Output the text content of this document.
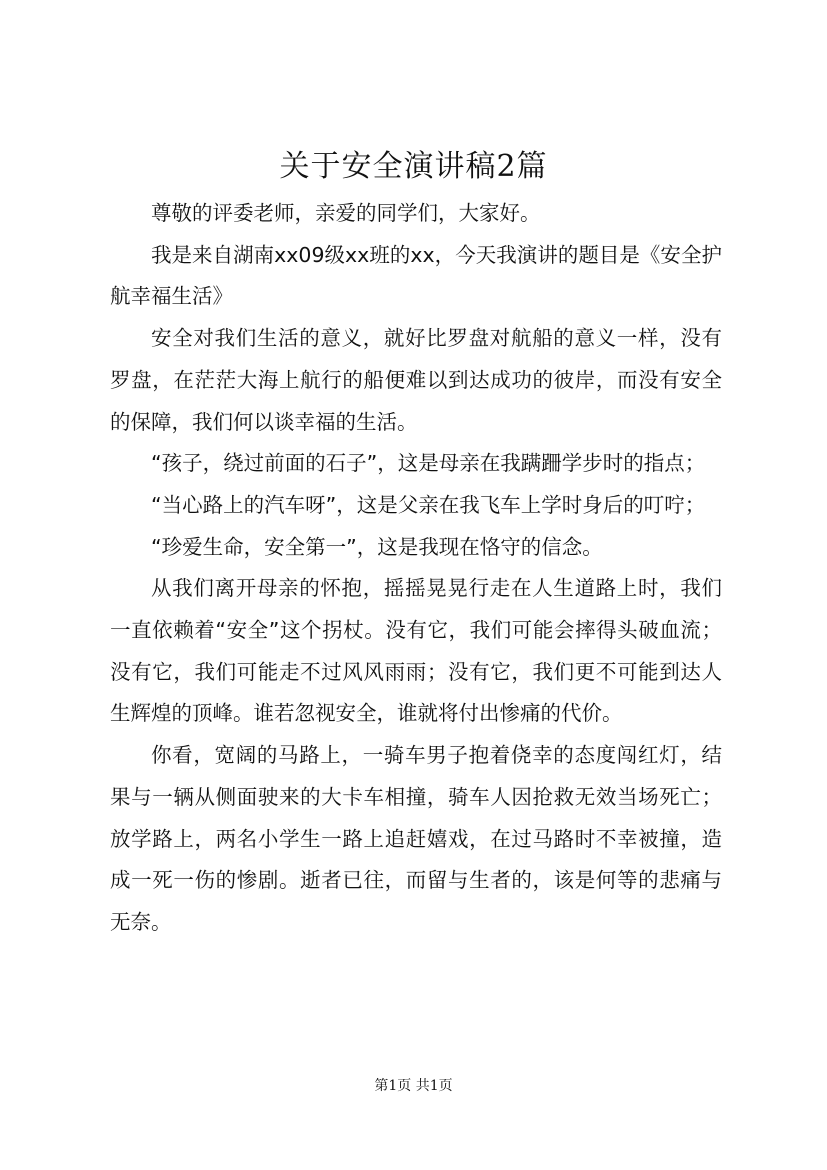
关于安全演讲稿2篇

尊敬的评委老师，亲爱的同学们，大家好。

我是来自湖南xx09级xx班的xx，今天我演讲的题目是《安全护航幸福生活》

安全对我们生活的意义，就好比罗盘对航船的意义一样，没有罗盘，在茫茫大海上航行的船便难以到达成功的彼岸，而没有安全的保障，我们何以谈幸福的生活。

“孩子，绕过前面的石子”，这是母亲在我蹒跚学步时的指点；

“当心路上的汽车呀”，这是父亲在我飞车上学时身后的叮咛；

“珍爱生命，安全第一”，这是我现在恪守的信念。

从我们离开母亲的怀抱，摇摇晃晃行走在人生道路上时，我们一直依赖着“安全”这个拐杖。没有它，我们可能会摔得头破血流；没有它，我们可能走不过风风雨雨；没有它，我们更不可能到达人生辉煌的顶峰。谁若忽视安全，谁就将付出惨痛的代价。

你看，宽阔的马路上，一骑车男子抱着侥幸的态度闯红灯，结果与一辆从侧面驶来的大卡车相撞，骑车人因抢救无效当场死亡；放学路上，两名小学生一路上追赶嬉戏，在过马路时不幸被撞，造成一死一伤的惨剧。逝者已往，而留与生者的，该是何等的悲痛与无奈。

第1页 共1页
